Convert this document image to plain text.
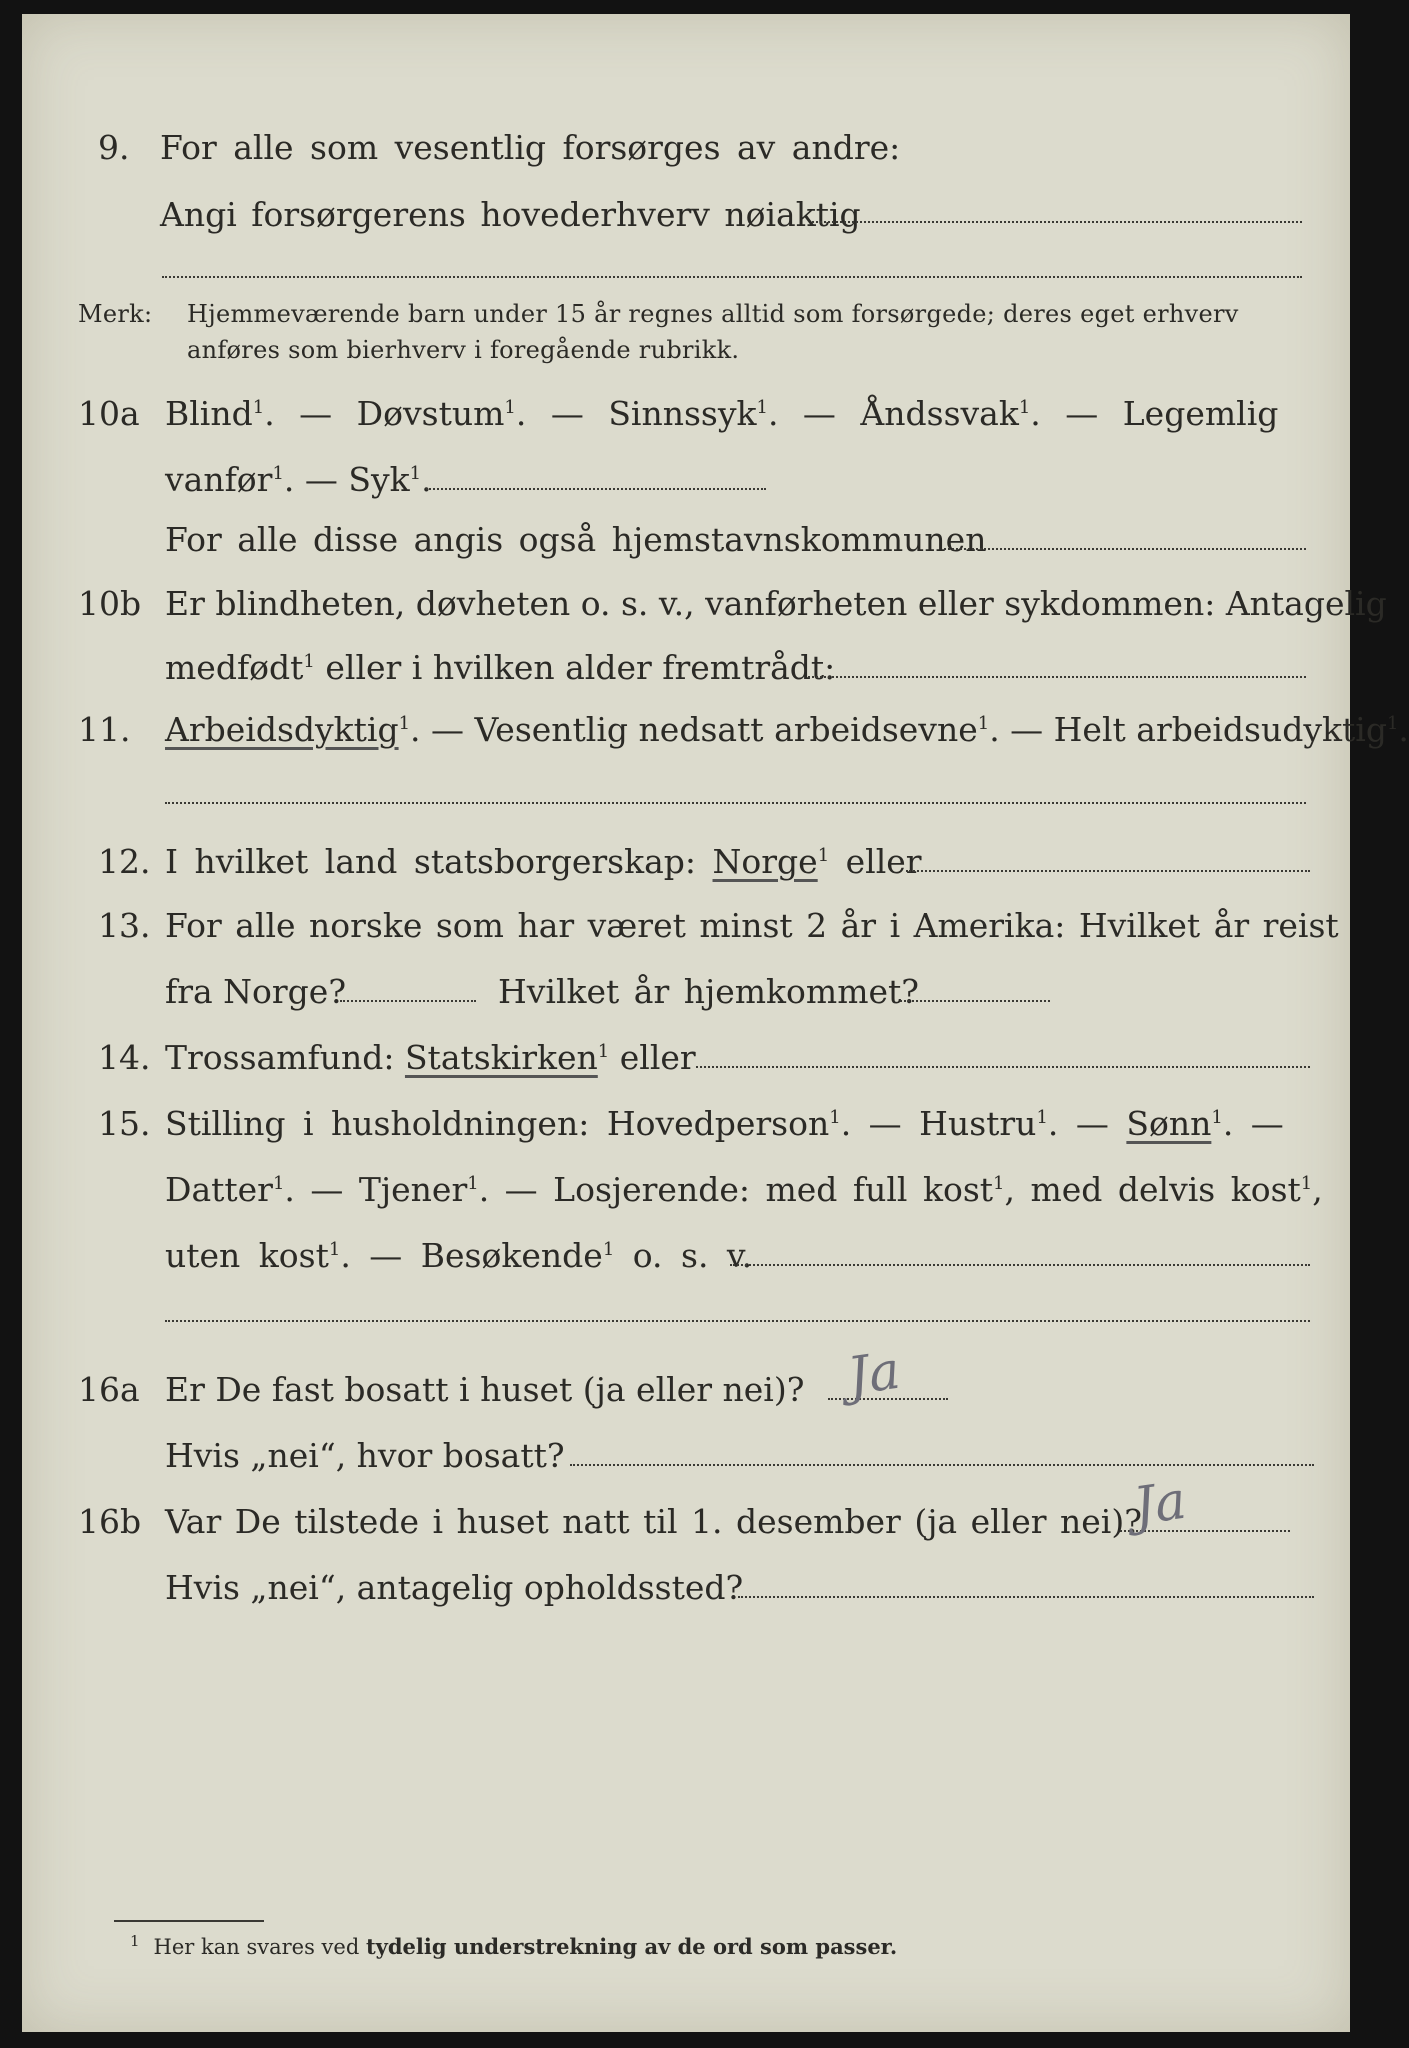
9. For alle som vesentlig forsørges av andre:
Angi forsørgerens hovederhverv nøiaktig
Merk: Hjemmeværende barn under 15 år regnes alltid som forsørgede; deres eget erhverv
anføres som bierhverv i foregående rubrikk.
10a Blind$^1$. — Døvstum$^1$. — Sinnssyk$^1$. — Åndssvak$^1$. — Legemlig
vanfør$^1$. — Syk$^1$.
For alle disse angis også hjemstavnskommunen
10b Er blindheten, døvheten o. s. v., vanførheten eller sykdommen: Antagelig
medfødt$^1$ eller i hvilken alder fremtrådt:
11. Arbeidsdyktig$^1$. — Vesentlig nedsatt arbeidsevne$^1$. — Helt arbeidsudyktig$^1$.
12. I hvilket land statsborgerskap: Norge$^1$ eller
13. For alle norske som har været minst 2 år i Amerika: Hvilket år reist
fra Norge?	Hvilket år hjemkommet?
14. Trossamfund: Statskirken$^1$ eller
15. Stilling i husholdningen: Hovedperson$^1$. — Hustru$^1$. — Sønn$^1$. —
Datter$^1$. — Tjener$^1$. — Losjerende: med full kost$^1$, med delvis kost$^1$,
uten kost$^1$. — Besøkende$^1$ o. s. v.
16a Er De fast bosatt i huset (ja eller nei)? Ja
Hvis „nei“, hvor bosatt?
16b Var De tilstede i huset natt til 1. desember (ja eller nei)?
Ja
Hvis „nei“, antagelig opholdssted?
$^1$ Her kan svares ved tydelig understrekning av de ord som passer.
